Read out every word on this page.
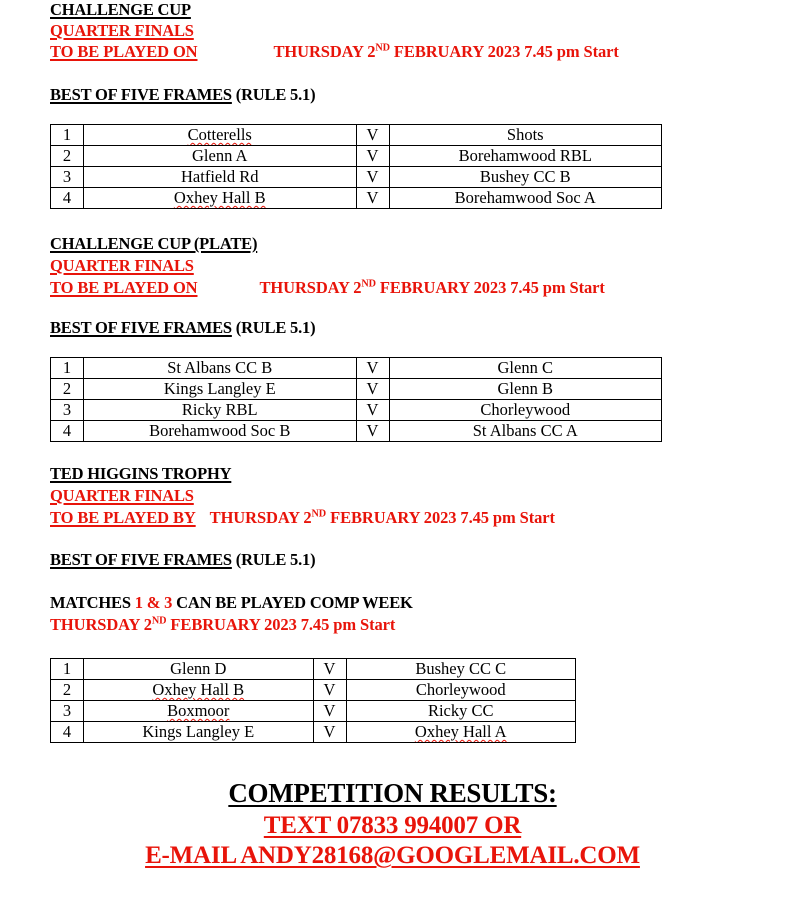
CHALLENGE CUP
QUARTER FINALS
TO BE PLAYED ON	THURSDAY 2ND FEBRUARY 2023 7.45 pm Start
BEST OF FIVE FRAMES (RULE 5.1)
1	Cotterells	V	Shots
2	Glenn A	V	Borehamwood RBL
3	Hatfield Rd	V	Bushey CC B
4	Oxhey Hall B	V	Borehamwood Soc A
CHALLENGE CUP (PLATE)
QUARTER FINALS
TO BE PLAYED ON	THURSDAY 2ND FEBRUARY 2023 7.45 pm Start
BEST OF FIVE FRAMES (RULE 5.1)
1	St Albans CC B	V	Glenn C
2	Kings Langley E	V	Glenn B
3	Ricky RBL	V	Chorleywood
4	Borehamwood Soc B	V	St Albans CC A
TED HIGGINS TROPHY
QUARTER FINALS
TO BE PLAYED BY THURSDAY 2ND FEBRUARY 2023 7.45 pm Start
BEST OF FIVE FRAMES (RULE 5.1)
MATCHES 1 & 3 CAN BE PLAYED COMP WEEK
THURSDAY 2ND FEBRUARY 2023 7.45 pm Start
1	Glenn D	V	Bushey CC C
2	Oxhey Hall B	V	Chorleywood
3	Boxmoor	V	Ricky CC
4	Kings Langley E	V	Oxhey Hall A
COMPETITION RESULTS:
TEXT 07833 994007 OR
E-MAIL ANDY28168@GOOGLEMAIL.COM
